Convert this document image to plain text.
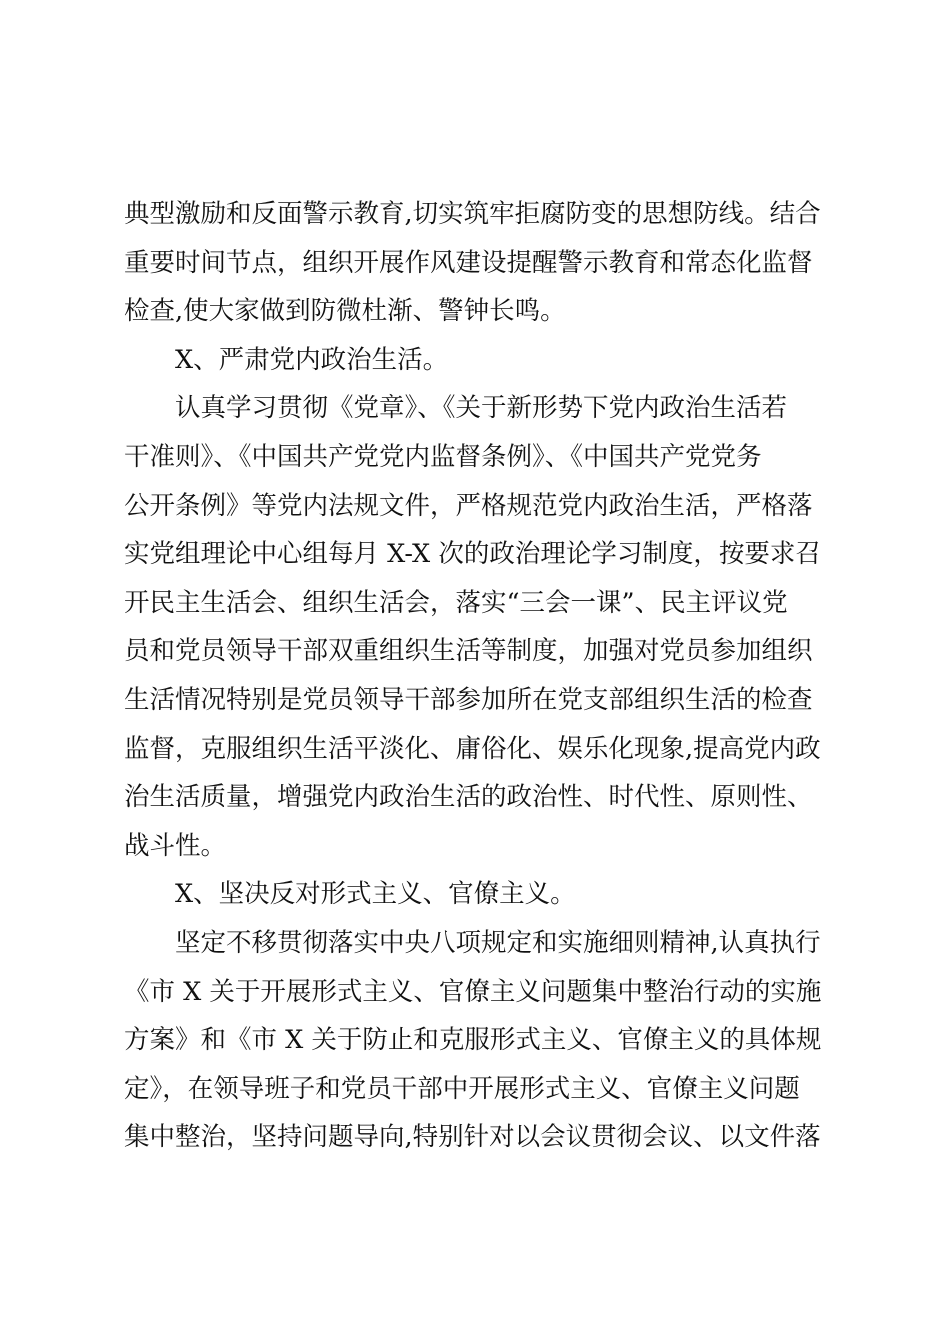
典型激励和反面警示教育,切实筑牢拒腐防变的思想防线。结合
重要时间节点，组织开展作风建设提醒警示教育和常态化监督
检查,使大家做到防微杜渐、警钟长鸣。
X、严肃党内政治生活。
认真学习贯彻《党章》、《关于新形势下党内政治生活若
干准则》、《中国共产党党内监督条例》、《中国共产党党务
公开条例》等党内法规文件，严格规范党内政治生活，严格落
实党组理论中心组每月 X-X 次的政治理论学习制度，按要求召
开民主生活会、组织生活会，落实“三会一课”、民主评议党
员和党员领导干部双重组织生活等制度，加强对党员参加组织
生活情况特别是党员领导干部参加所在党支部组织生活的检查
监督，克服组织生活平淡化、庸俗化、娱乐化现象,提高党内政
治生活质量，增强党内政治生活的政治性、时代性、原则性、
战斗性。
X、坚决反对形式主义、官僚主义。
坚定不移贯彻落实中央八项规定和实施细则精神,认真执行
《市 X 关于开展形式主义、官僚主义问题集中整治行动的实施
方案》和《市 X 关于防止和克服形式主义、官僚主义的具体规
定》，在领导班子和党员干部中开展形式主义、官僚主义问题
集中整治，坚持问题导向,特别针对以会议贯彻会议、以文件落
